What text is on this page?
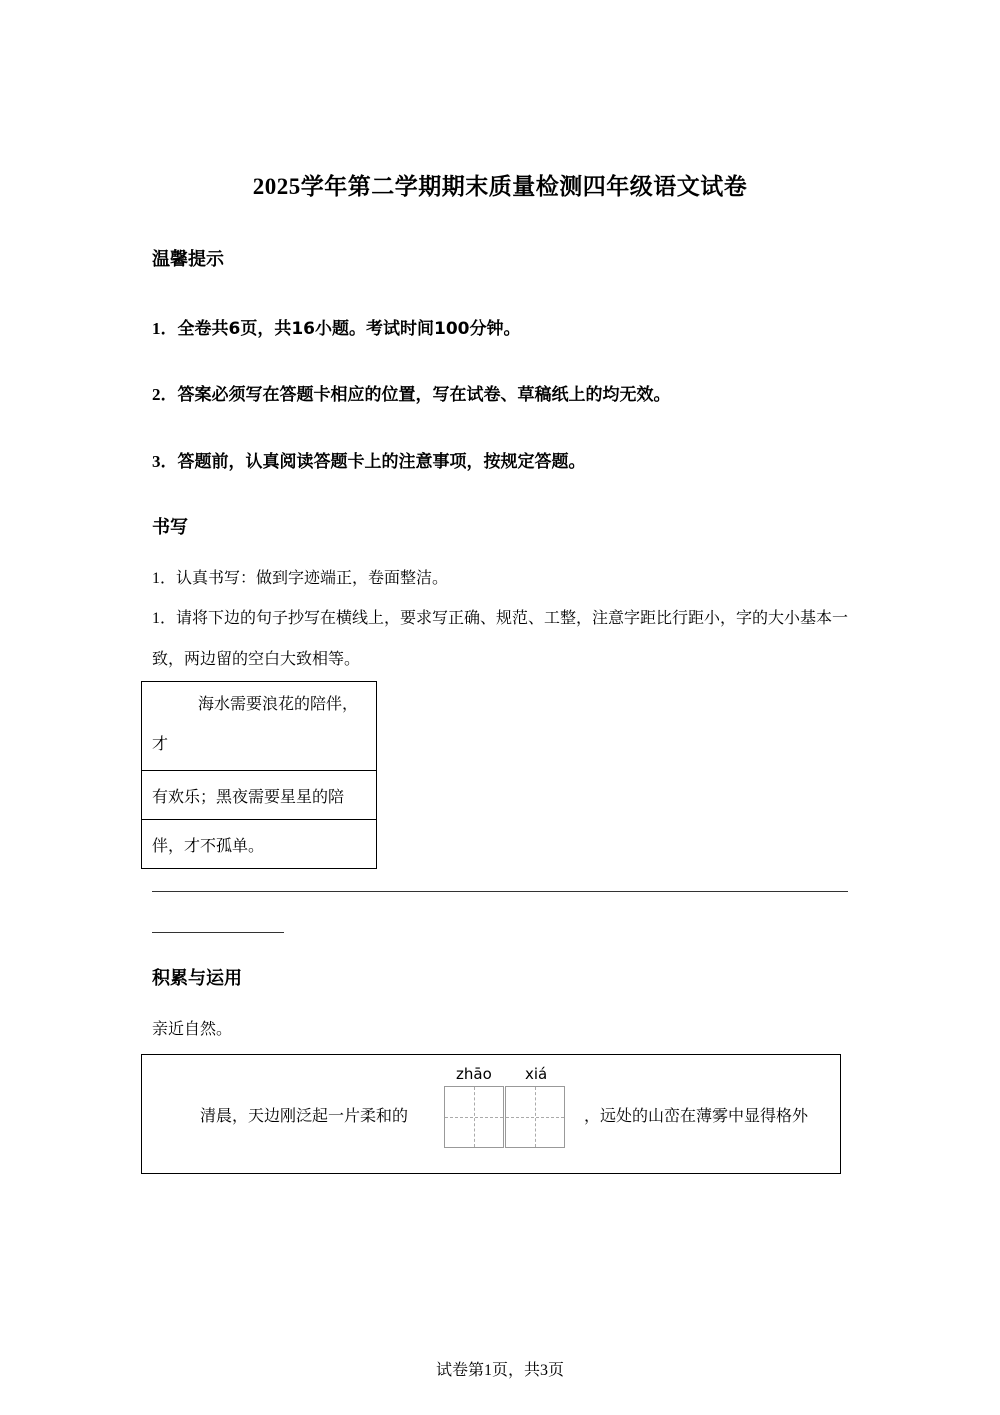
2025学年第二学期期末质量检测四年级语文试卷
温馨提示
1．全卷共6页，共16小题。考试时间100分钟。
2．答案必须写在答题卡相应的位置，写在试卷、草稿纸上的均无效。
3．答题前，认真阅读答题卡上的注意事项，按规定答题。
书写
1．认真书写：做到字迹端正，卷面整洁。
1．请将下边的句子抄写在横线上，要求写正确、规范、工整，注意字距比行距小，字的大小基本一致，两边留的空白大致相等。
海水需要浪花的陪伴，才
有欢乐；黑夜需要星星的陪
伴，才不孤单。
积累与运用
亲近自然。
清晨，天边刚泛起一片柔和的
zhāo xiá
，远处的山峦在薄雾中显得格外
试卷第1页，共3页
